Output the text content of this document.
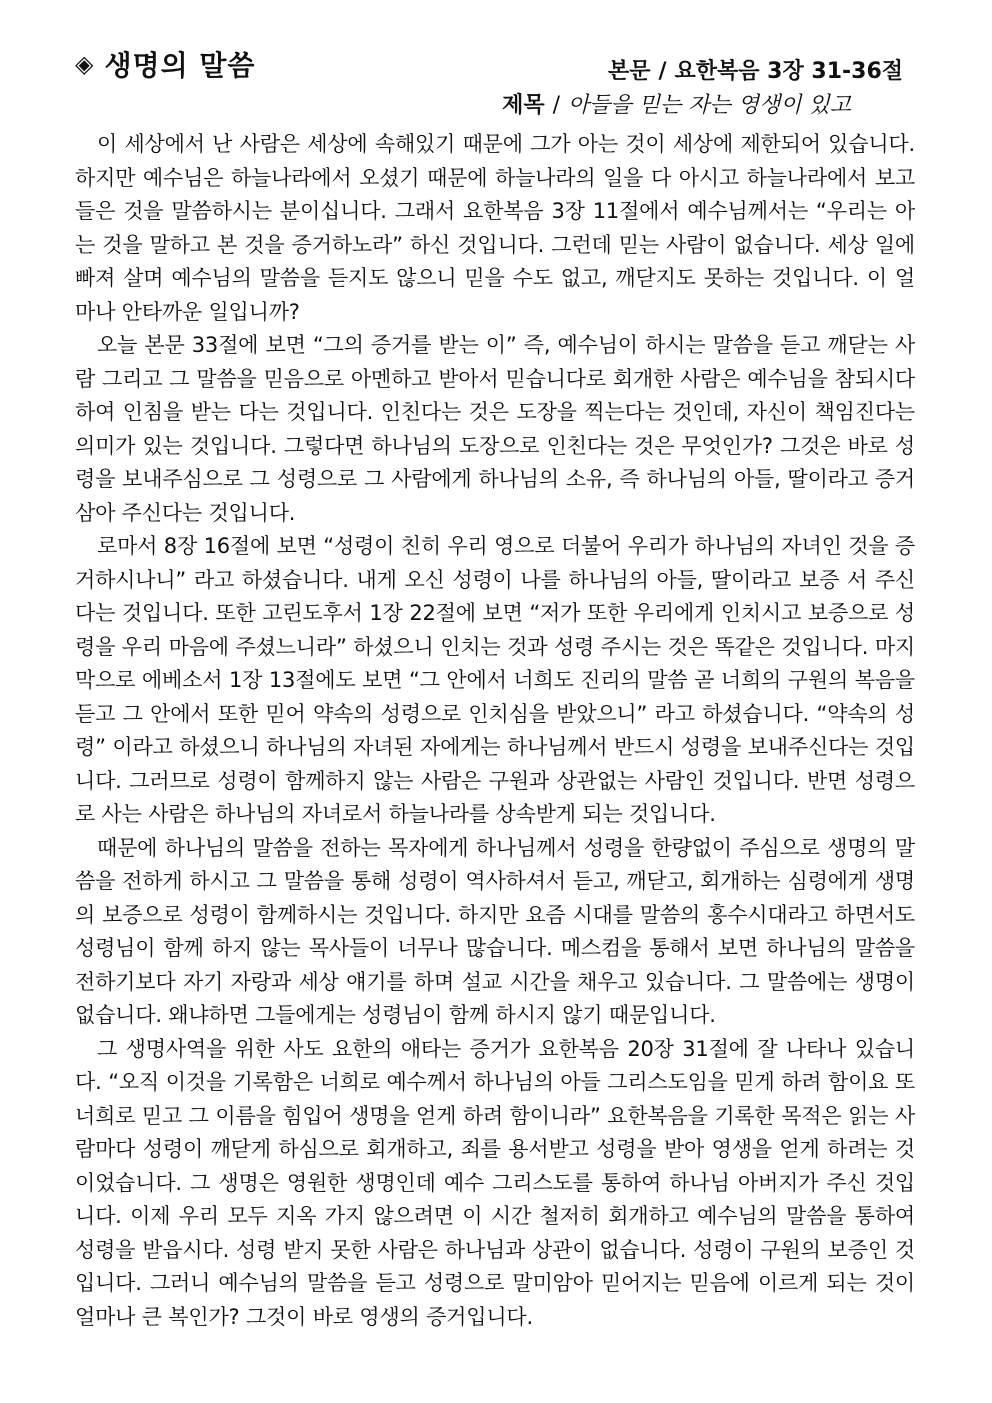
◈ 생명의 말씀	본문 / 요한복음 3장 31-36절
제목 / 아들을 믿는 자는 영생이 있고

이 세상에서 난 사람은 세상에 속해있기 때문에 그가 아는 것이 세상에 제한되어 있습니다. 하지만 예수님은 하늘나라에서 오셨기 때문에 하늘나라의 일을 다 아시고 하늘나라에서 보고 들은 것을 말씀하시는 분이십니다. 그래서 요한복음 3장 11절에서 예수님께서는 “우리는 아는 것을 말하고 본 것을 증거하노라” 하신 것입니다. 그런데 믿는 사람이 없습니다. 세상 일에 빠져 살며 예수님의 말씀을 듣지도 않으니 믿을 수도 없고, 깨닫지도 못하는 것입니다. 이 얼마나 안타까운 일입니까?

오늘 본문 33절에 보면 “그의 증거를 받는 이” 즉, 예수님이 하시는 말씀을 듣고 깨닫는 사람 그리고 그 말씀을 믿음으로 아멘하고 받아서 믿습니다로 회개한 사람은 예수님을 참되시다하여 인침을 받는 다는 것입니다. 인친다는 것은 도장을 찍는다는 것인데, 자신이 책임진다는 의미가 있는 것입니다. 그렇다면 하나님의 도장으로 인친다는 것은 무엇인가? 그것은 바로 성령을 보내주심으로 그 성령으로 그 사람에게 하나님의 소유, 즉 하나님의 아들, 딸이라고 증거삼아 주신다는 것입니다.

로마서 8장 16절에 보면 “성령이 친히 우리 영으로 더불어 우리가 하나님의 자녀인 것을 증거하시나니” 라고 하셨습니다. 내게 오신 성령이 나를 하나님의 아들, 딸이라고 보증 서 주신다는 것입니다. 또한 고린도후서 1장 22절에 보면 “저가 또한 우리에게 인치시고 보증으로 성령을 우리 마음에 주셨느니라” 하셨으니 인치는 것과 성령 주시는 것은 똑같은 것입니다. 마지막으로 에베소서 1장 13절에도 보면 “그 안에서 너희도 진리의 말씀 곧 너희의 구원의 복음을 듣고 그 안에서 또한 믿어 약속의 성령으로 인치심을 받았으니” 라고 하셨습니다. “약속의 성령” 이라고 하셨으니 하나님의 자녀된 자에게는 하나님께서 반드시 성령을 보내주신다는 것입니다. 그러므로 성령이 함께하지 않는 사람은 구원과 상관없는 사람인 것입니다. 반면 성령으로 사는 사람은 하나님의 자녀로서 하늘나라를 상속받게 되는 것입니다.

때문에 하나님의 말씀을 전하는 목자에게 하나님께서 성령을 한량없이 주심으로 생명의 말씀을 전하게 하시고 그 말씀을 통해 성령이 역사하셔서 듣고, 깨닫고, 회개하는 심령에게 생명의 보증으로 성령이 함께하시는 것입니다. 하지만 요즘 시대를 말씀의 홍수시대라고 하면서도 성령님이 함께 하지 않는 목사들이 너무나 많습니다. 메스컴을 통해서 보면 하나님의 말씀을 전하기보다 자기 자랑과 세상 얘기를 하며 설교 시간을 채우고 있습니다. 그 말씀에는 생명이 없습니다. 왜냐하면 그들에게는 성령님이 함께 하시지 않기 때문입니다.

그 생명사역을 위한 사도 요한의 애타는 증거가 요한복음 20장 31절에 잘 나타나 있습니다. “오직 이것을 기록함은 너희로 예수께서 하나님의 아들 그리스도임을 믿게 하려 함이요 또 너희로 믿고 그 이름을 힘입어 생명을 얻게 하려 함이니라” 요한복음을 기록한 목적은 읽는 사람마다 성령이 깨닫게 하심으로 회개하고, 죄를 용서받고 성령을 받아 영생을 얻게 하려는 것이었습니다. 그 생명은 영원한 생명인데 예수 그리스도를 통하여 하나님 아버지가 주신 것입니다. 이제 우리 모두 지옥 가지 않으려면 이 시간 철저히 회개하고 예수님의 말씀을 통하여 성령을 받읍시다. 성령 받지 못한 사람은 하나님과 상관이 없습니다. 성령이 구원의 보증인 것입니다. 그러니 예수님의 말씀을 듣고 성령으로 말미암아 믿어지는 믿음에 이르게 되는 것이 얼마나 큰 복인가? 그것이 바로 영생의 증거입니다.
